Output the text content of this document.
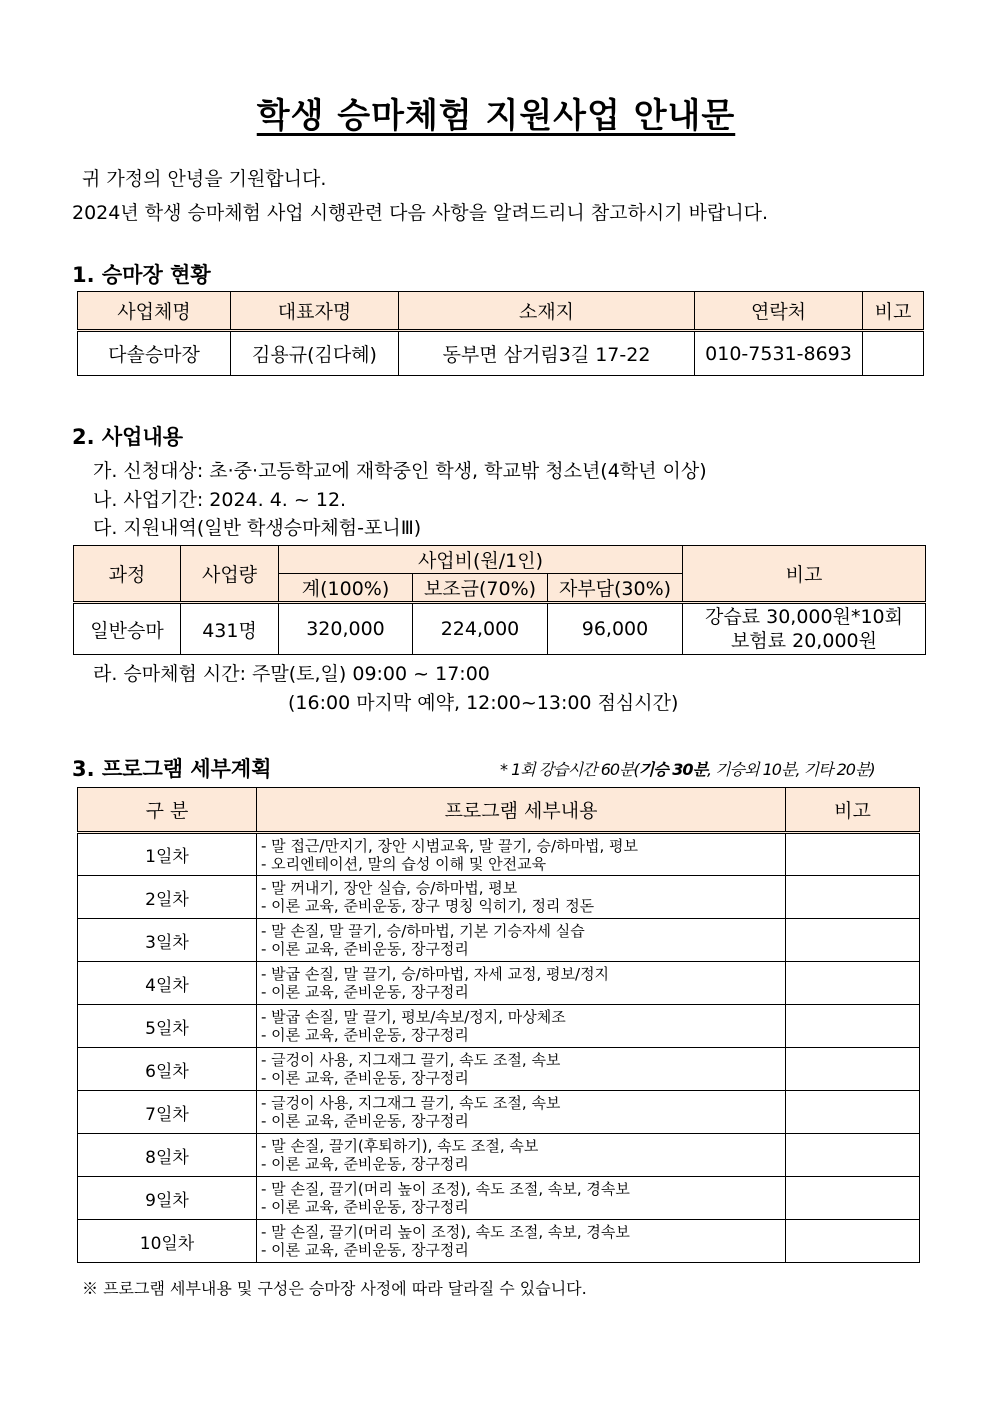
학생 승마체험 지원사업 안내문
귀 가정의 안녕을 기원합니다.
2024년 학생 승마체험 사업 시행관련 다음 사항을 알려드리니 참고하시기 바랍니다.
1. 승마장 현황
사업체명	대표자명	소재지	연락처	비고
다솔승마장	김용규(김다혜)	동부면 삼거림3길 17-22	010-7531-8693	
2. 사업내용
가. 신청대상: 초·중·고등학교에 재학중인 학생, 학교밖 청소년(4학년 이상)
나. 사업기간: 2024. 4. ~ 12.
다. 지원내역(일반 학생승마체험-포니Ⅲ)
과정	사업량	사업비(원/1인)			비고
		계(100%)	보조금(70%)	자부담(30%)	
일반승마	431명	320,000	224,000	96,000	강습료 30,000원*10회
보험료 20,000원
라. 승마체험 시간: 주말(토,일) 09:00 ~ 17:00
(16:00 마지막 예약, 12:00~13:00 점심시간)
3. 프로그램 세부계획	* 1회 강습시간 60분(기승 30분, 기승외 10분, 기타 20분)
구 분	프로그램 세부내용	비고
1일차	- 말 접근/만지기, 장안 시범교육, 말 끌기, 승/하마법, 평보
- 오리엔테이션, 말의 습성 이해 및 안전교육	

2일차	- 말 꺼내기, 장안 실습, 승/하마법, 평보
- 이론 교육, 준비운동, 장구 명칭 익히기, 정리 정돈	

3일차	- 말 손질, 말 끌기, 승/하마법, 기본 기승자세 실습
- 이론 교육, 준비운동, 장구정리	

4일차	- 발굽 손질, 말 끌기, 승/하마법, 자세 교정, 평보/정지
- 이론 교육, 준비운동, 장구정리	

5일차	- 발굽 손질, 말 끌기, 평보/속보/정지, 마상체조
- 이론 교육, 준비운동, 장구정리	

6일차	- 글겅이 사용, 지그재그 끌기, 속도 조절, 속보
- 이론 교육, 준비운동, 장구정리	

7일차	- 글겅이 사용, 지그재그 끌기, 속도 조절, 속보
- 이론 교육, 준비운동, 장구정리	

8일차	- 말 손질, 끌기(후퇴하기), 속도 조절, 속보
- 이론 교육, 준비운동, 장구정리	

9일차	- 말 손질, 끌기(머리 높이 조정), 속도 조절, 속보, 경속보
- 이론 교육, 준비운동, 장구정리	

10일차	- 말 손질, 끌기(머리 높이 조정), 속도 조절, 속보, 경속보
- 이론 교육, 준비운동, 장구정리	

※ 프로그램 세부내용 및 구성은 승마장 사정에 따라 달라질 수 있습니다.
